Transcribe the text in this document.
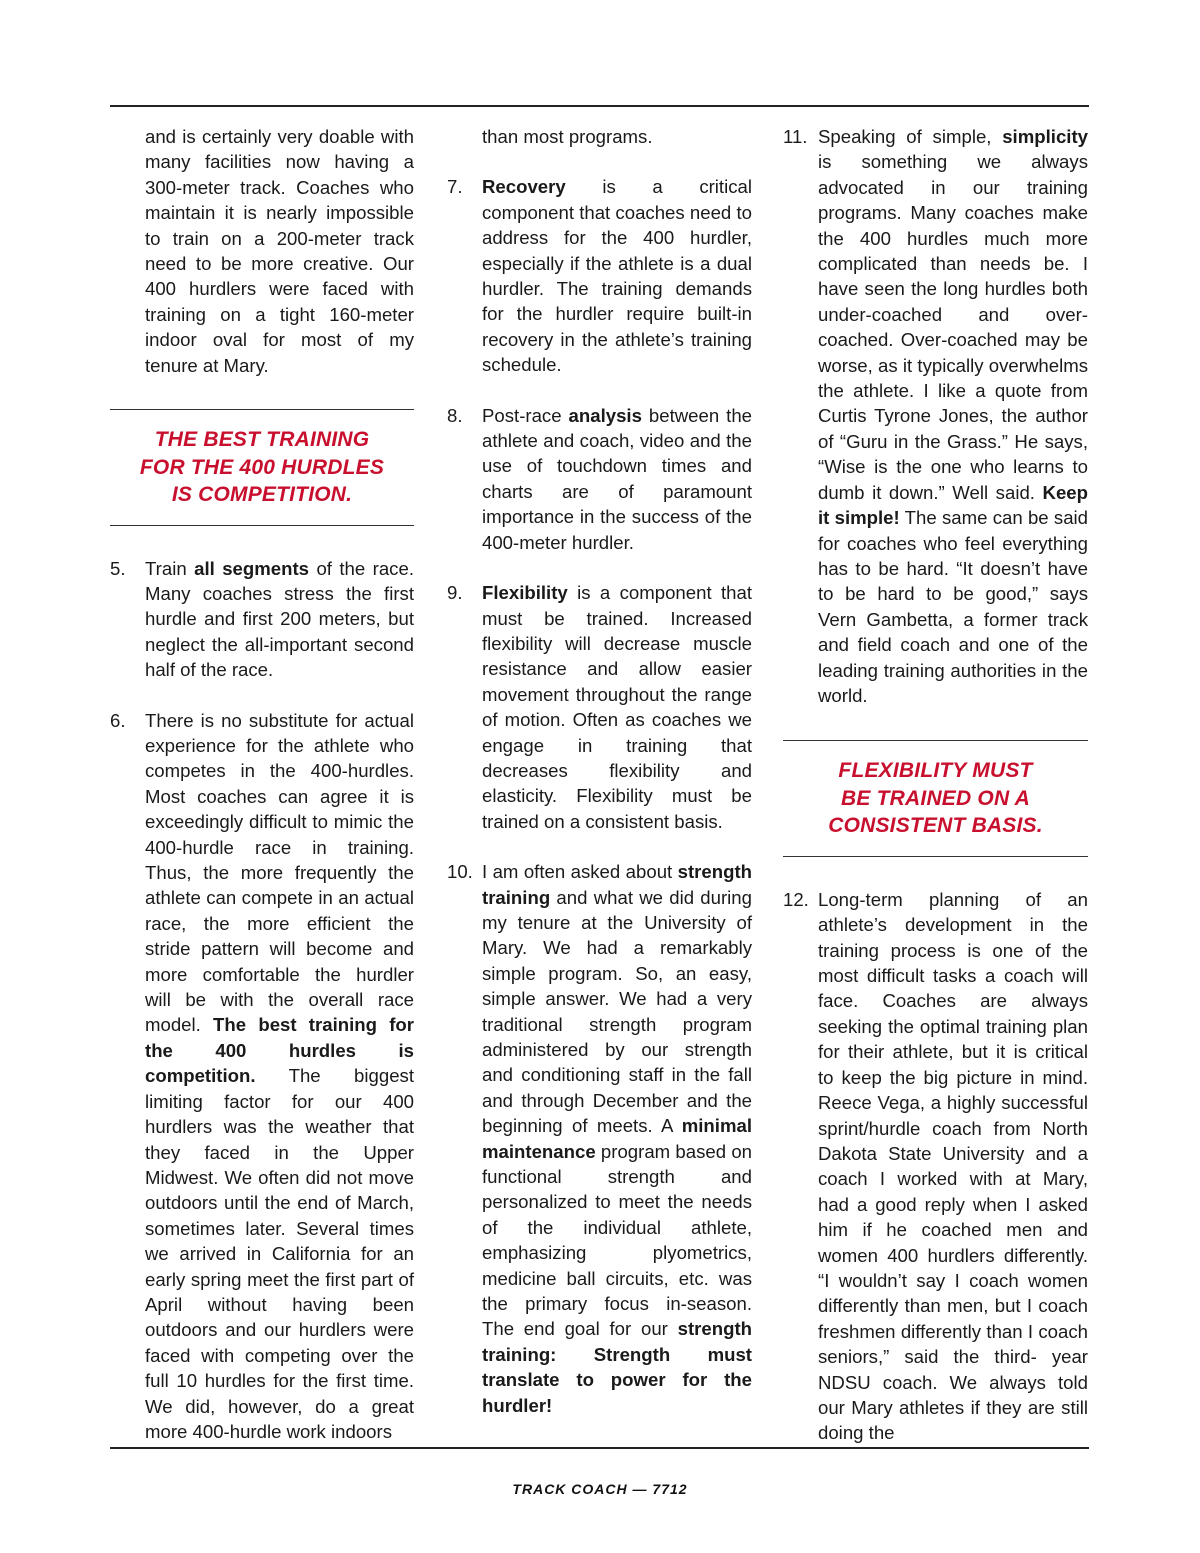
and is certainly very doable with many facilities now having a 300-meter track. Coaches who maintain it is nearly impossible to train on a 200-meter track need to be more creative. Our 400 hurdlers were faced with training on a tight 160-meter indoor oval for most of my tenure at Mary.

THE BEST TRAINING
FOR THE 400 HURDLES
IS COMPETITION.
5.	Train all segments of the race. Many coaches stress the first hurdle and first 200 meters, but neglect the all-important second half of the race.
6.	There is no substitute for actual experience for the athlete who competes in the 400-hurdles. Most coaches can agree it is exceedingly difficult to mimic the 400-hurdle race in training. Thus, the more frequently the athlete can compete in an actual race, the more efficient the stride pattern will become and more comfortable the hurdler will be with the overall race model. The best training for the 400 hurdles is competition. The biggest limiting factor for our 400 hurdlers was the weather that they faced in the Upper Midwest. We often did not move outdoors until the end of March, sometimes later. Several times we arrived in California for an early spring meet the first part of April without having been outdoors and our hurdlers were faced with competing over the full 10 hurdles for the first time. We did, however, do a great more 400-hurdle work indoors

than most programs.

7.	Recovery is a critical component that coaches need to address for the 400 hurdler, especially if the athlete is a dual hurdler. The training demands for the hurdler require built-in recovery in the athlete’s training schedule.
8.	Post-race analysis between the athlete and coach, video and the use of touchdown times and charts are of paramount importance in the success of the 400-meter hurdler.
9.	Flexibility is a component that must be trained. Increased flexibility will decrease muscle resistance and allow easier movement throughout the range of motion. Often as coaches we engage in training that decreases flexibility and elasticity. Flexibility must be trained on a consistent basis.
10. I am often asked about strength training and what we did during my tenure at the University of Mary. We had a remarkably simple program. So, an easy, simple answer. We had a very traditional strength program administered by our strength and conditioning staff in the fall and through December and the beginning of meets. A minimal maintenance program based on functional strength and personalized to meet the needs of the individual athlete, emphasizing plyometrics, medicine ball circuits, etc. was the primary focus in-season. The end goal for our strength training: Strength must translate to power for the hurdler!
11. Speaking of simple, simplicity is something we always advocated in our training programs. Many coaches make the 400 hurdles much more complicated than needs be. I have seen the long hurdles both under-coached and over-coached. Over-coached may be worse, as it typically overwhelms the athlete. I like a quote from Curtis Tyrone Jones, the author of “Guru in the Grass.” He says, “Wise is the one who learns to dumb it down.” Well said. Keep it simple! The same can be said for coaches who feel everything has to be hard. “It doesn’t have to be hard to be good,” says Vern Gambetta, a former track and field coach and one of the leading training authorities in the world.
FLEXIBILITY MUST
BE TRAINED ON A
CONSISTENT BASIS.
12. Long-term planning of an athlete’s development in the training process is one of the most difficult tasks a coach will face. Coaches are always seeking the optimal training plan for their athlete, but it is critical to keep the big picture in mind. Reece Vega, a highly successful sprint/hurdle coach from North Dakota State University and a coach I worked with at Mary, had a good reply when I asked him if he coached men and women 400 hurdlers differently. “I wouldn’t say I coach women differently than men, but I coach freshmen differently than I coach seniors,” said the third- year NDSU coach. We always told our Mary athletes if they are still doing the
TRACK COACH — 7712
